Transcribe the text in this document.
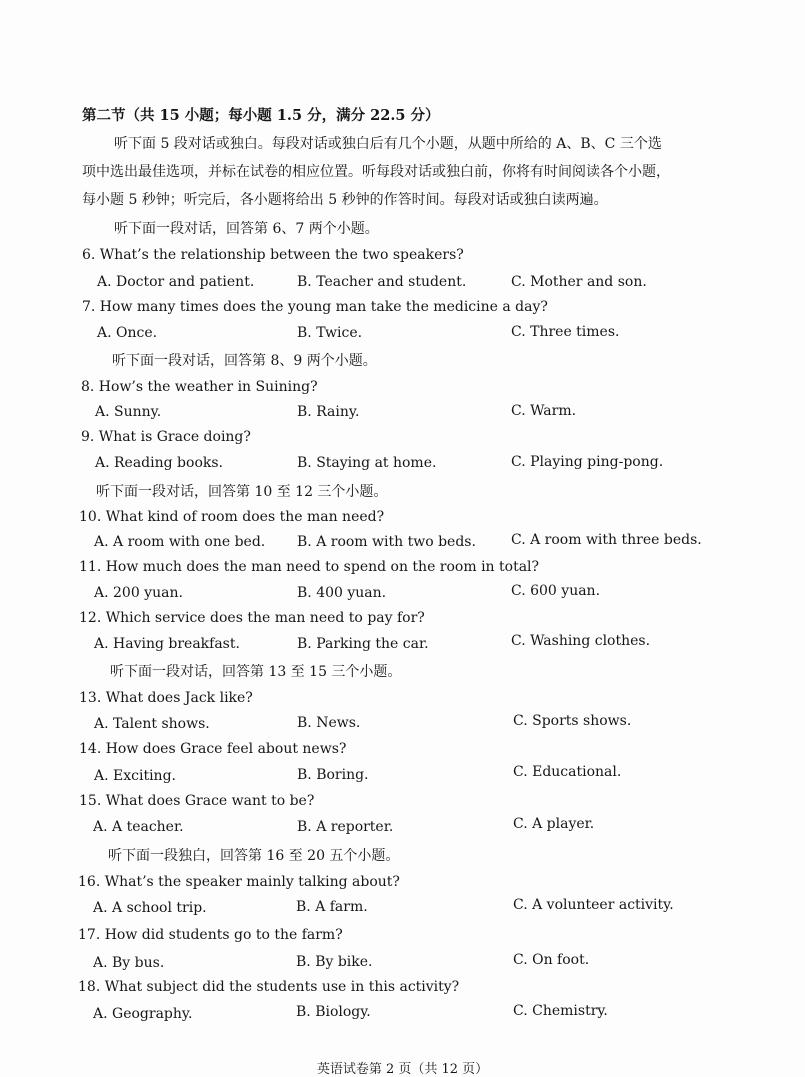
第二节（共 15 小题；每小题 1.5 分，满分 22.5 分）
听下面 5 段对话或独白。每段对话或独白后有几个小题，从题中所给的 A、B、C 三个选
项中选出最佳选项，并标在试卷的相应位置。听每段对话或独白前，你将有时间阅读各个小题，
每小题 5 秒钟；听完后，各小题将给出 5 秒钟的作答时间。每段对话或独白读两遍。
听下面一段对话，回答第 6、7 两个小题。
6. What’s the relationship between the two speakers?
A. Doctor and patient.	B. Teacher and student.	C. Mother and son.
7. How many times does the young man take the medicine a day?
A. Once.	B. Twice.	C. Three times.
听下面一段对话，回答第 8、9 两个小题。
8. How’s the weather in Suining?
A. Sunny.	B. Rainy.	C. Warm.
9. What is Grace doing?
A. Reading books.	B. Staying at home.	C. Playing ping-pong.
听下面一段对话，回答第 10 至 12 三个小题。
10. What kind of room does the man need?
A. A room with one bed. B. A room with two beds.	C. A room with three beds.
11. How much does the man need to spend on the room in total?
A. 200 yuan.	B. 400 yuan.	C. 600 yuan.
12. Which service does the man need to pay for?
A. Having breakfast.	B. Parking the car.	C. Washing clothes.
听下面一段对话，回答第 13 至 15 三个小题。
13. What does Jack like?
A. Talent shows.	B. News.	C. Sports shows.
14. How does Grace feel about news?
A. Exciting.	B. Boring.	C. Educational.
15. What does Grace want to be?
A. A teacher.	B. A reporter.	C. A player.
听下面一段独白，回答第 16 至 20 五个小题。
16. What’s the speaker mainly talking about?
A. A school trip.	B. A farm.	C. A volunteer activity.
17. How did students go to the farm?
A. By bus.	B. By bike.	C. On foot.
18. What subject did the students use in this activity?
A. Geography.	B. Biology.	C. Chemistry.
英语试卷第 2 页（共 12 页）
